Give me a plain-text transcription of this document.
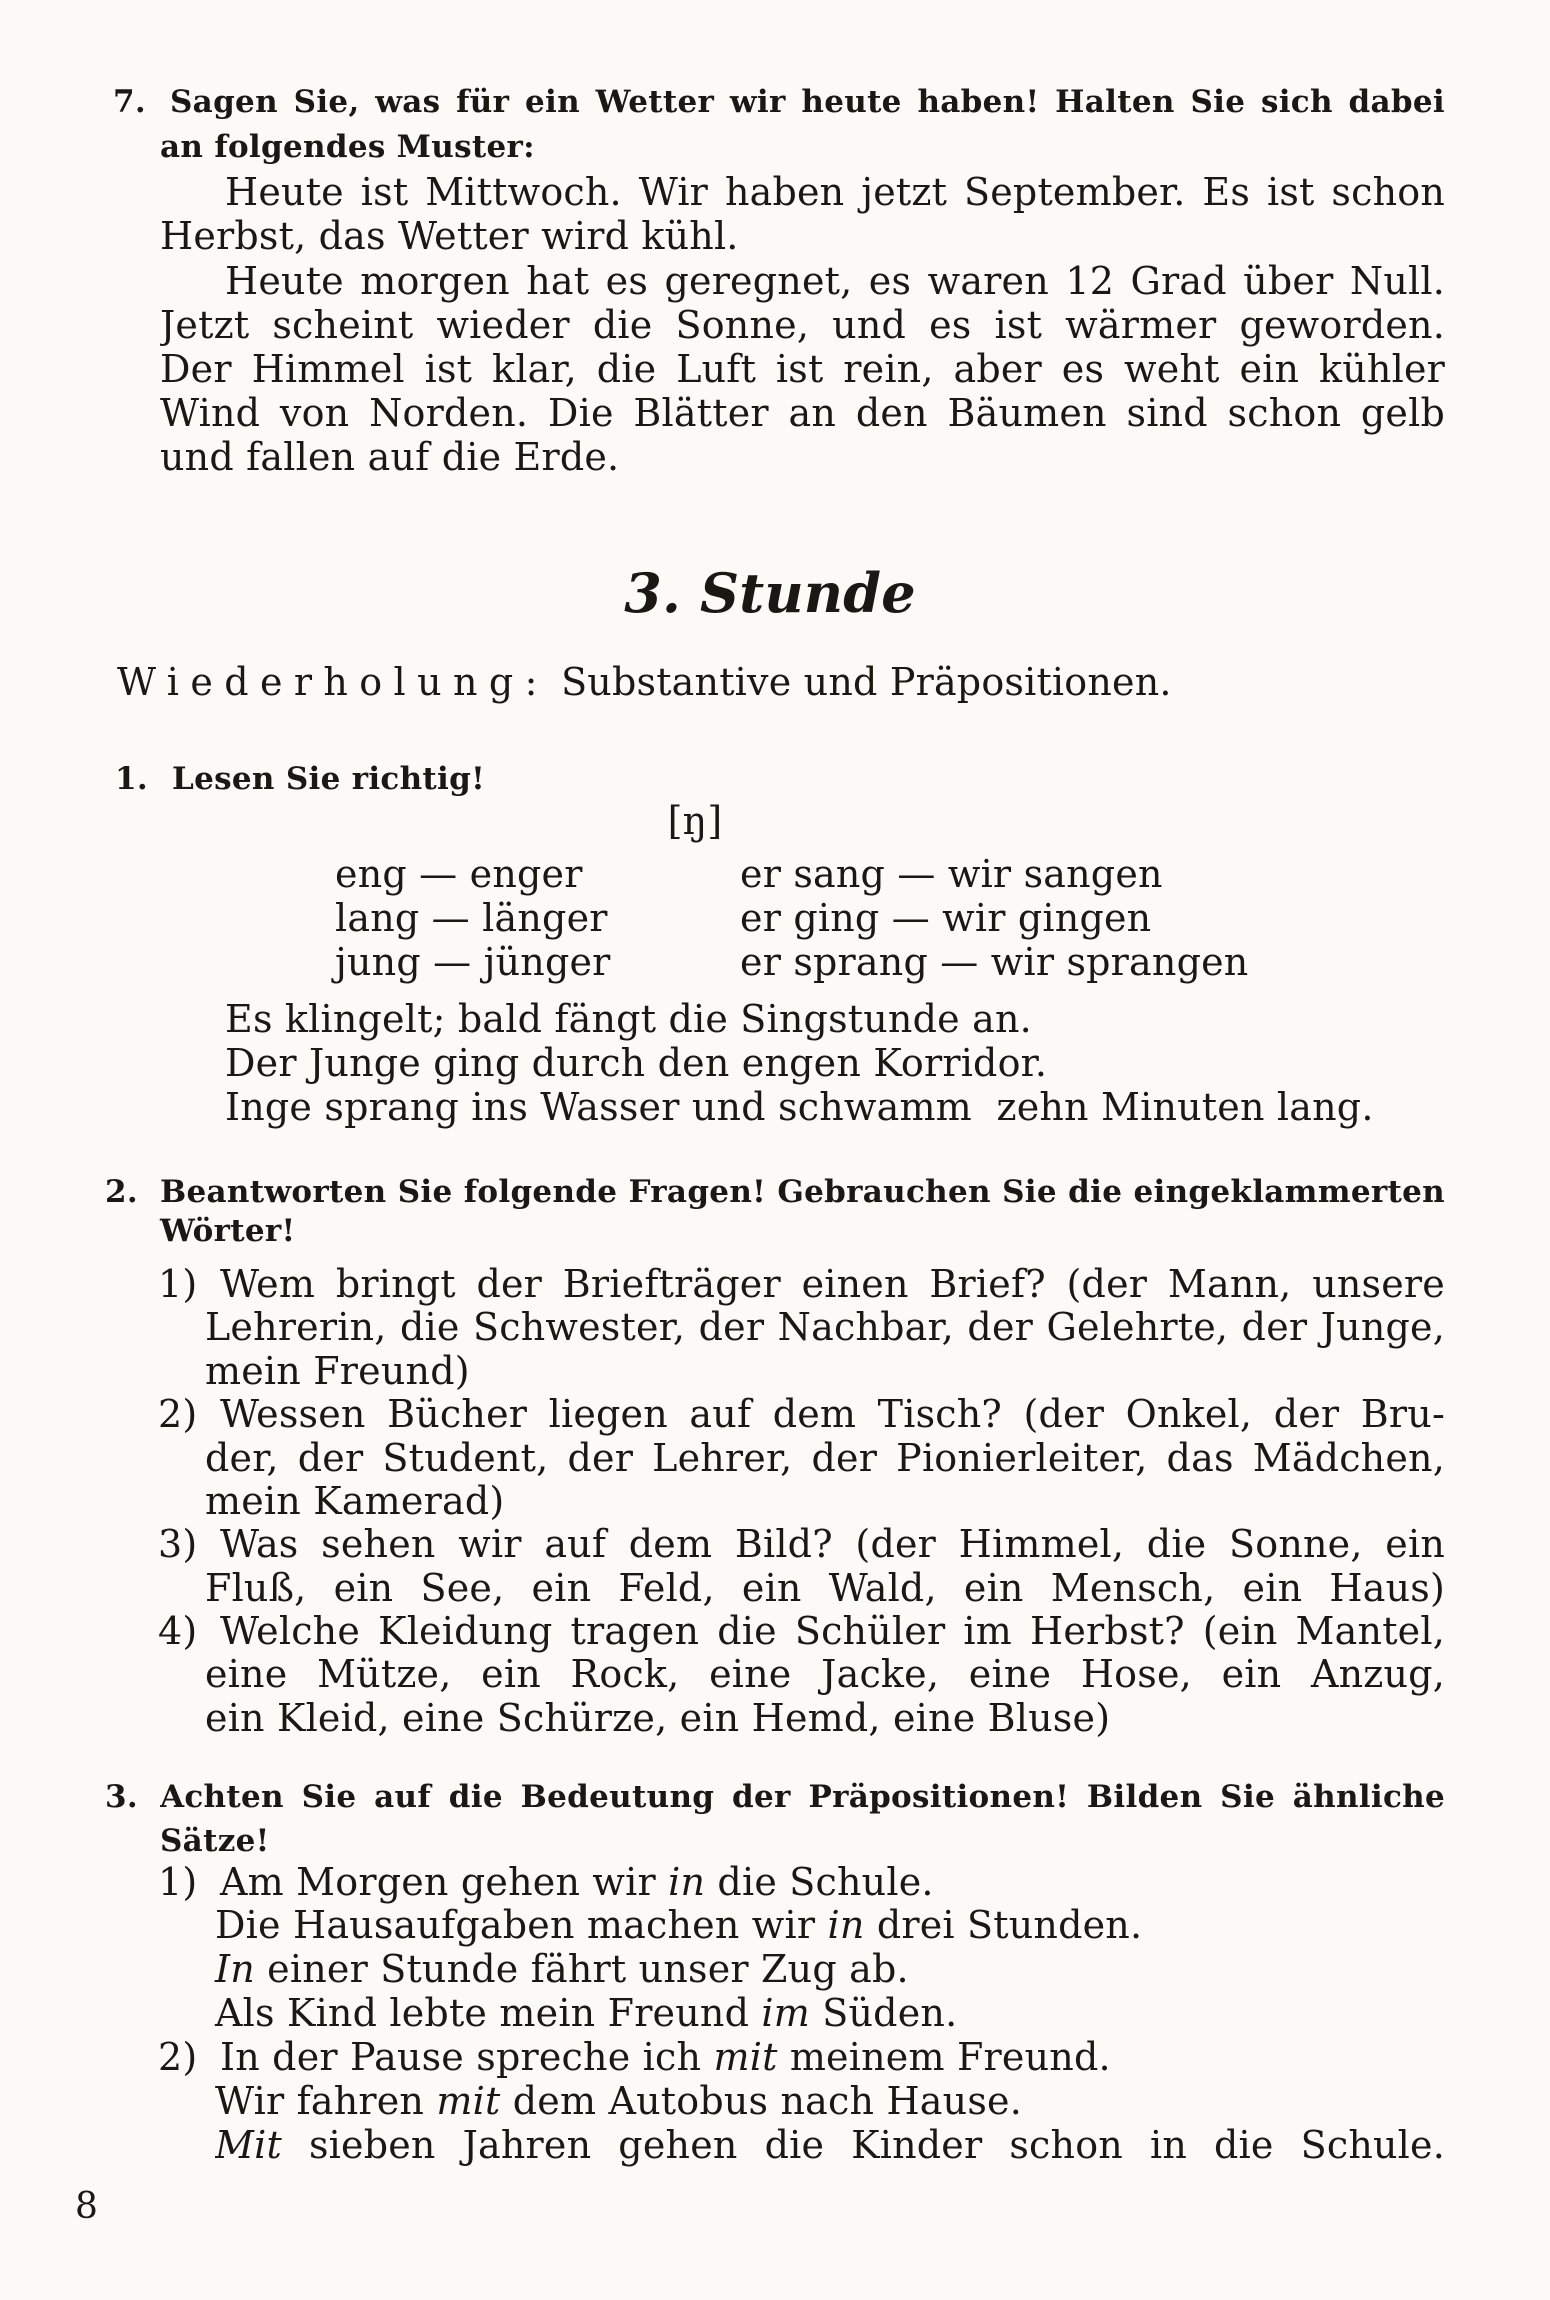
7. Sagen Sie, was für ein Wetter wir heute haben! Halten Sie sich dabei
an folgendes Muster:
Heute ist Mittwoch. Wir haben jetzt September. Es ist schon
Herbst, das Wetter wird kühl.
Heute morgen hat es geregnet, es waren 12 Grad über Null.
Jetzt scheint wieder die Sonne, und es ist wärmer geworden.
Der Himmel ist klar, die Luft ist rein, aber es weht ein kühler
Wind von Norden. Die Blätter an den Bäumen sind schon gelb
und fallen auf die Erde.
3. Stunde
Wiederholung: Substantive und Präpositionen.
1. Lesen Sie richtig!
[ŋ]
eng — enger	er sang — wir sangen
lang — länger	er ging — wir gingen
jung — jünger	er sprang — wir sprangen
Es klingelt; bald fängt die Singstunde an.
Der Junge ging durch den engen Korridor.
Inge sprang ins Wasser und schwamm  zehn Minuten lang.
2. Beantworten Sie folgende Fragen! Gebrauchen Sie die eingeklammerten
Wörter!
1) Wem bringt der Briefträger einen Brief? (der Mann, unsere
Lehrerin, die Schwester, der Nachbar, der Gelehrte, der Junge,
mein Freund)
2) Wessen Bücher liegen auf dem Tisch? (der Onkel, der Bru-
der, der Student, der Lehrer, der Pionierleiter, das Mädchen,
mein Kamerad)
3) Was sehen wir auf dem Bild? (der Himmel, die Sonne, ein
Fluß, ein See, ein Feld, ein Wald, ein Mensch, ein Haus)
4) Welche Kleidung tragen die Schüler im Herbst? (ein Mantel,
eine Mütze, ein Rock, eine Jacke, eine Hose, ein Anzug,
ein Kleid, eine Schürze, ein Hemd, eine Bluse)
3. Achten Sie auf die Bedeutung der Präpositionen! Bilden Sie ähnliche
Sätze!
1) Am Morgen gehen wir in die Schule.
Die Hausaufgaben machen wir in drei Stunden.
In einer Stunde fährt unser Zug ab.
Als Kind lebte mein Freund im Süden.
2) In der Pause spreche ich mit meinem Freund.
Wir fahren mit dem Autobus nach Hause.
Mit sieben Jahren gehen die Kinder schon in die Schule.
8
